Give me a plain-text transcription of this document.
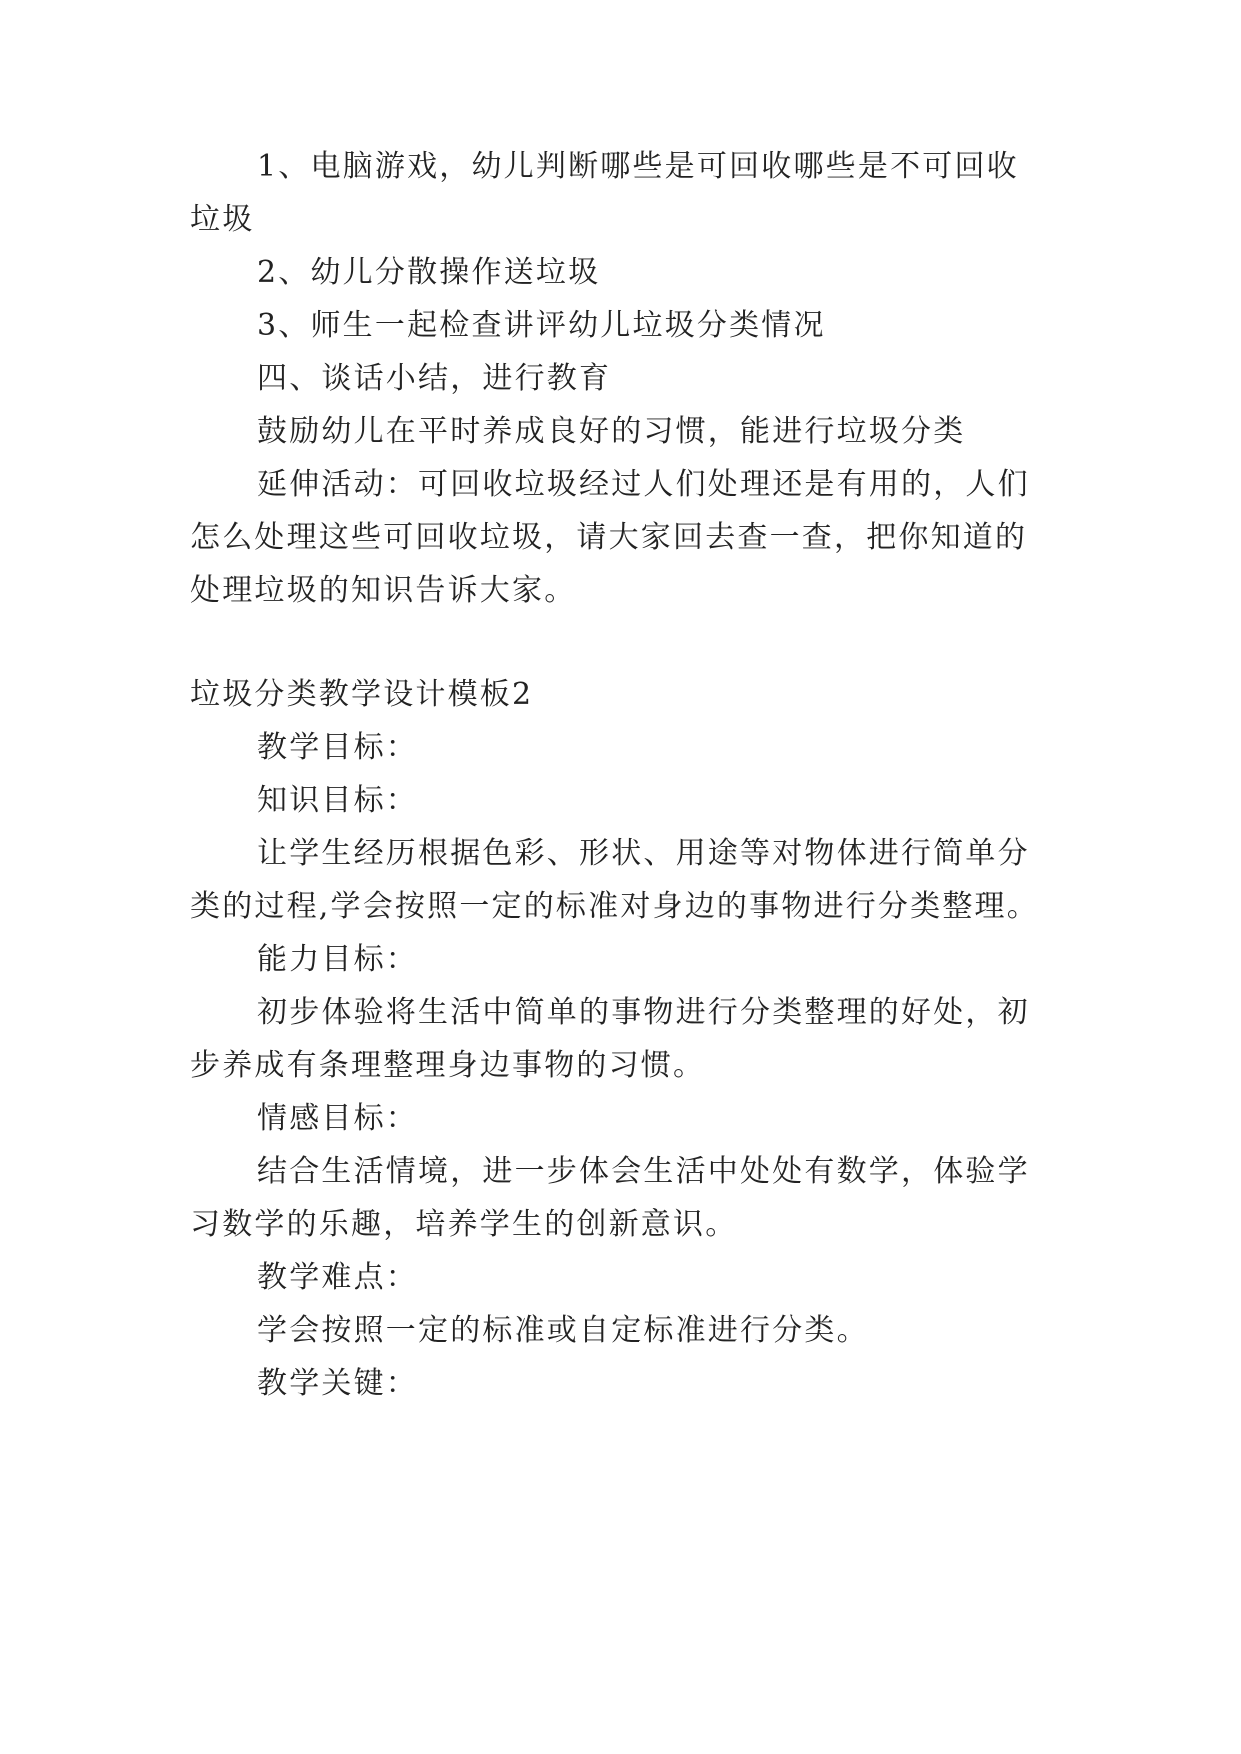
1、电脑游戏，幼儿判断哪些是可回收哪些是不可回收
垃圾
2、幼儿分散操作送垃圾
3、师生一起检查讲评幼儿垃圾分类情况
四、谈话小结，进行教育
鼓励幼儿在平时养成良好的习惯，能进行垃圾分类
延伸活动：可回收垃圾经过人们处理还是有用的，人们
怎么处理这些可回收垃圾，请大家回去查一查，把你知道的
处理垃圾的知识告诉大家。
垃圾分类教学设计模板2
教学目标：
知识目标：
让学生经历根据色彩、形状、用途等对物体进行简单分
类的过程,学会按照一定的标准对身边的事物进行分类整理。
能力目标：
初步体验将生活中简单的事物进行分类整理的好处，初
步养成有条理整理身边事物的习惯。
情感目标：
结合生活情境，进一步体会生活中处处有数学，体验学
习数学的乐趣，培养学生的创新意识。
教学难点：
学会按照一定的标准或自定标准进行分类。
教学关键：
